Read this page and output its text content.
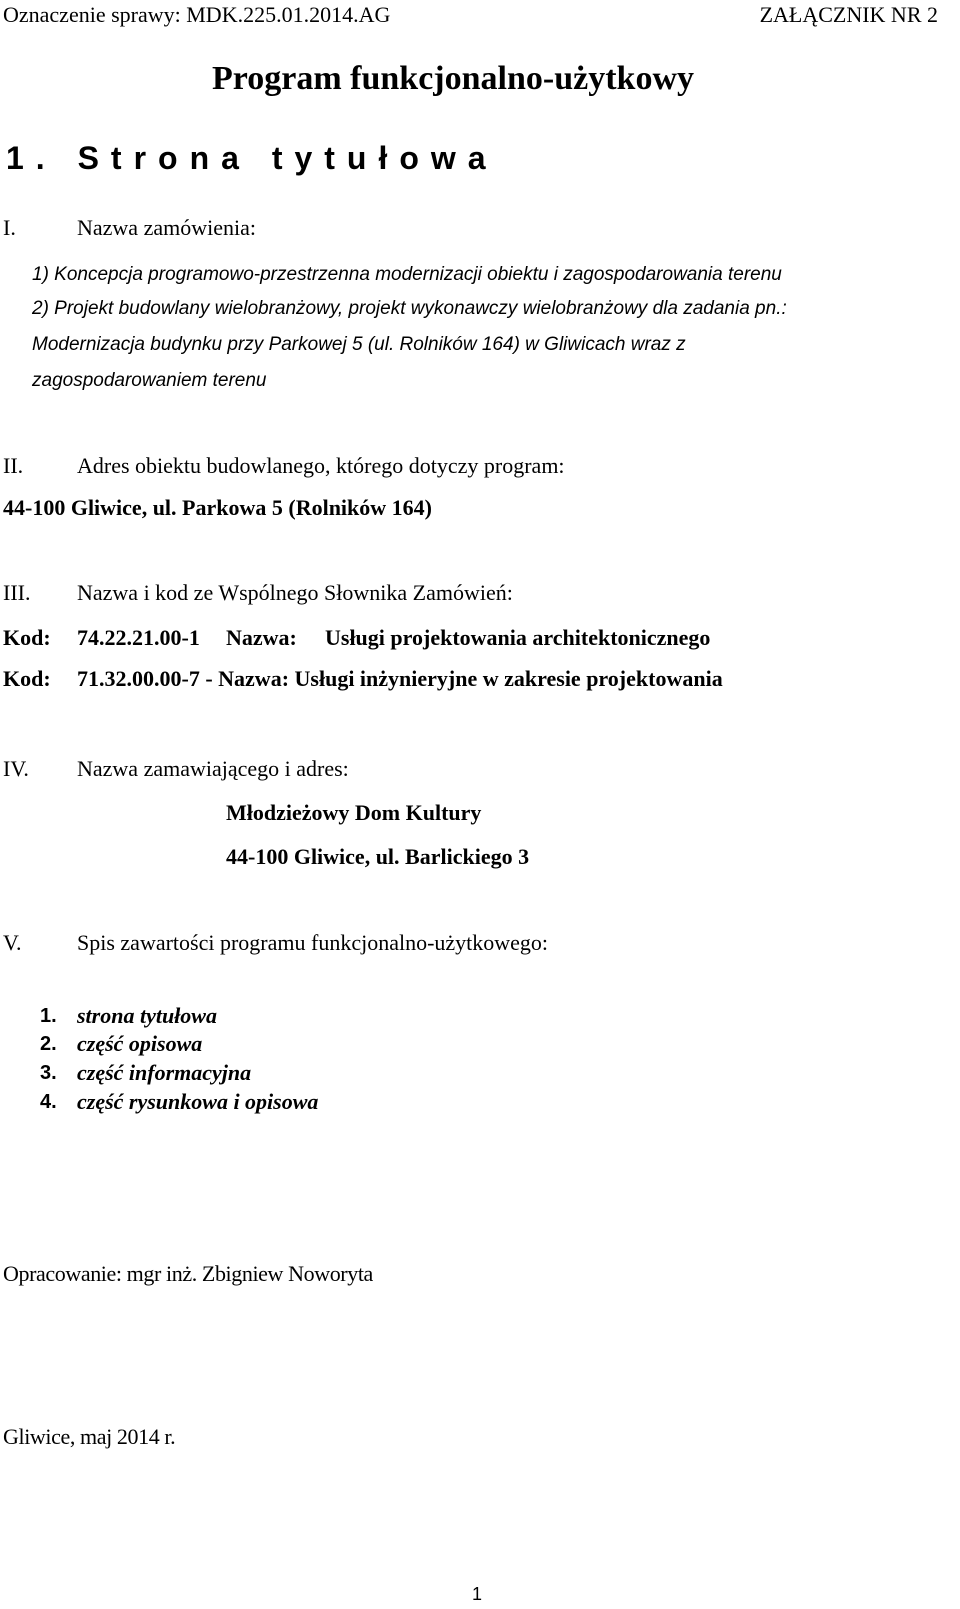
Oznaczenie sprawy: MDK.225.01.2014.AG	ZAŁĄCZNIK NR 2
Program funkcjonalno-użytkowy
1. Strona tytułowa
I.	Nazwa zamówienia:
1) Koncepcja programowo-przestrzenna modernizacji obiektu i zagospodarowania terenu
2) Projekt budowlany wielobranżowy, projekt wykonawczy wielobranżowy dla zadania pn.:
Modernizacja budynku przy Parkowej 5 (ul. Rolników 164) w Gliwicach wraz z
zagospodarowaniem terenu
II. Adres obiektu budowlanego, którego dotyczy program:
44-100 Gliwice, ul. Parkowa 5 (Rolników 164)
III. Nazwa i kod ze Wspólnego Słownika Zamówień:
Kod: 74.22.21.00-1 Nazwa: Usługi projektowania architektonicznego
Kod: 71.32.00.00-7 - Nazwa: Usługi inżynieryjne w zakresie projektowania
IV. Nazwa zamawiającego i adres:
Młodzieżowy Dom Kultury
44-100 Gliwice, ul. Barlickiego 3
V.	Spis zawartości programu funkcjonalno-użytkowego:
1. strona tytułowa
2. część opisowa
3. część informacyjna
4. część rysunkowa i opisowa
Opracowanie: mgr inż. Zbigniew Noworyta
Gliwice, maj 2014 r.
1
